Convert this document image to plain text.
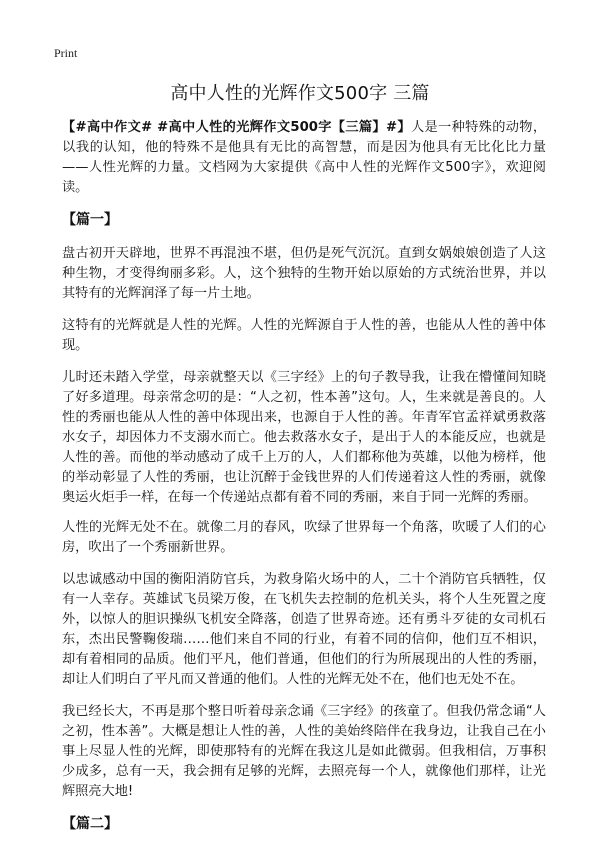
Print
高中人性的光辉作文500字 三篇

【#高中作文# #高中人性的光辉作文500字【三篇】#】人是一种特殊的动物，以我的认知，他的特殊不是他具有无比的高智慧，而是因为他具有无比化比力量——人性光辉的力量。文档网为大家提供《高中人性的光辉作文500字》，欢迎阅读。

【篇一】

盘古初开天辟地，世界不再混浊不堪，但仍是死气沉沉。直到女娲娘娘创造了人这种生物，才变得绚丽多彩。人，这个独特的生物开始以原始的方式统治世界，并以其特有的光辉润泽了每一片土地。

这特有的光辉就是人性的光辉。人性的光辉源自于人性的善，也能从人性的善中体现。

儿时还未踏入学堂，母亲就整天以《三字经》上的句子教导我，让我在懵懂间知晓了好多道理。母亲常念叨的是：“人之初，性本善”这句。人，生来就是善良的。人性的秀丽也能从人性的善中体现出来，也源自于人性的善。年青军官孟祥斌勇救落水女子，却因体力不支溺水而亡。他去救落水女子，是出于人的本能反应，也就是人性的善。而他的举动感动了成千上万的人，人们都称他为英雄，以他为榜样，他的举动彰显了人性的秀丽，也让沉醉于金钱世界的人们传递着这人性的秀丽，就像奥运火炬手一样，在每一个传递站点都有着不同的秀丽，来自于同一光辉的秀丽。

人性的光辉无处不在。就像二月的春风，吹绿了世界每一个角落，吹暖了人们的心房，吹出了一个秀丽新世界。

以忠诚感动中国的衡阳消防官兵，为救身陷火场中的人，二十个消防官兵牺牲，仅有一人幸存。英雄试飞员梁万俊，在飞机失去控制的危机关头，将个人生死置之度外，以惊人的胆识操纵飞机安全降落，创造了世界奇迹。还有勇斗歹徒的女司机石东，杰出民警鞠俊瑞……他们来自不同的行业，有着不同的信仰，他们互不相识，却有着相同的品质。他们平凡，他们普通，但他们的行为所展现出的人性的秀丽，却让人们明白了平凡而又普通的他们。人性的光辉无处不在，他们也无处不在。

我已经长大，不再是那个整日听着母亲念诵《三字经》的孩童了。但我仍常念诵“人之初，性本善”。大概是想让人性的善，人性的美始终陪伴在我身边，让我自己在小事上尽显人性的光辉，即使那特有的光辉在我这儿是如此微弱。但我相信，万事积少成多，总有一天，我会拥有足够的光辉，去照亮每一个人，就像他们那样，让光辉照亮大地!

【篇二】
